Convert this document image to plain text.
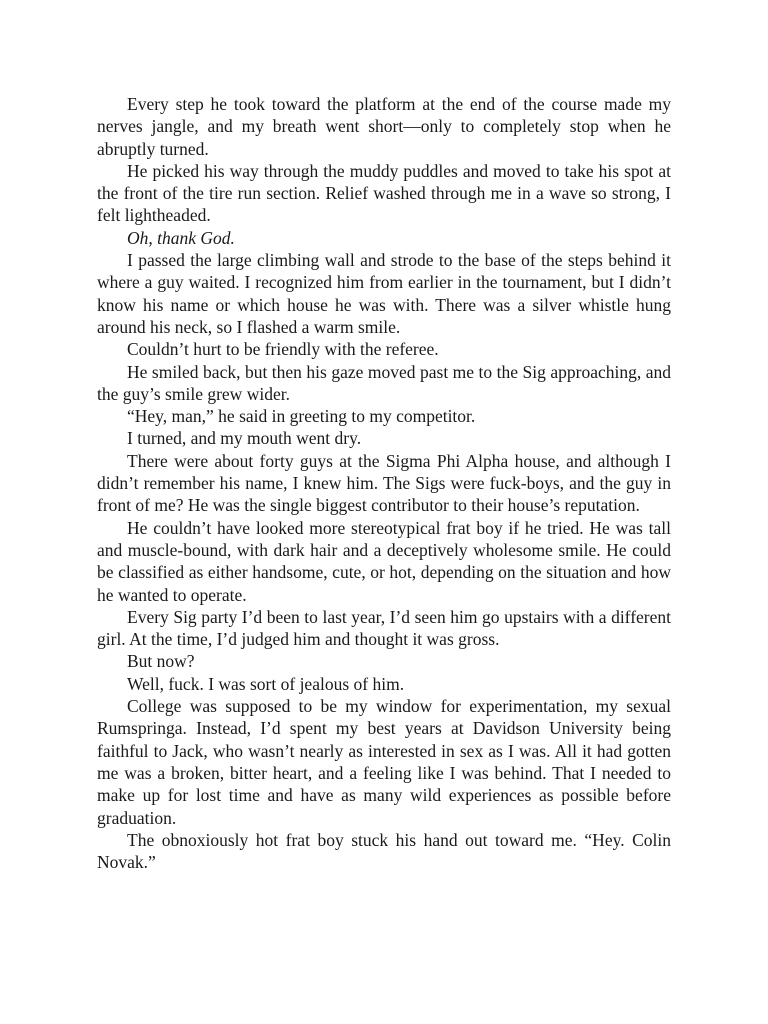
Every step he took toward the platform at the end of the course made my nerves jangle, and my breath went short—only to completely stop when he abruptly turned.

He picked his way through the muddy puddles and moved to take his spot at the front of the tire run section. Relief washed through me in a wave so strong, I felt lightheaded.

Oh, thank God.

I passed the large climbing wall and strode to the base of the steps behind it where a guy waited. I recognized him from earlier in the tournament, but I didn’t know his name or which house he was with. There was a silver whistle hung around his neck, so I flashed a warm smile.

Couldn’t hurt to be friendly with the referee.

He smiled back, but then his gaze moved past me to the Sig approaching, and the guy’s smile grew wider.

“Hey, man,” he said in greeting to my competitor.

I turned, and my mouth went dry.

There were about forty guys at the Sigma Phi Alpha house, and although I didn’t remember his name, I knew him. The Sigs were fuck-boys, and the guy in front of me? He was the single biggest contributor to their house’s reputation.

He couldn’t have looked more stereotypical frat boy if he tried. He was tall and muscle-bound, with dark hair and a deceptively wholesome smile. He could be classified as either handsome, cute, or hot, depending on the situation and how he wanted to operate.

Every Sig party I’d been to last year, I’d seen him go upstairs with a different girl. At the time, I’d judged him and thought it was gross.

But now?

Well, fuck. I was sort of jealous of him.

College was supposed to be my window for experimentation, my sexual Rumspringa. Instead, I’d spent my best years at Davidson University being faithful to Jack, who wasn’t nearly as interested in sex as I was. All it had gotten me was a broken, bitter heart, and a feeling like I was behind. That I needed to make up for lost time and have as many wild experiences as possible before graduation.

The obnoxiously hot frat boy stuck his hand out toward me. “Hey. Colin Novak.”
